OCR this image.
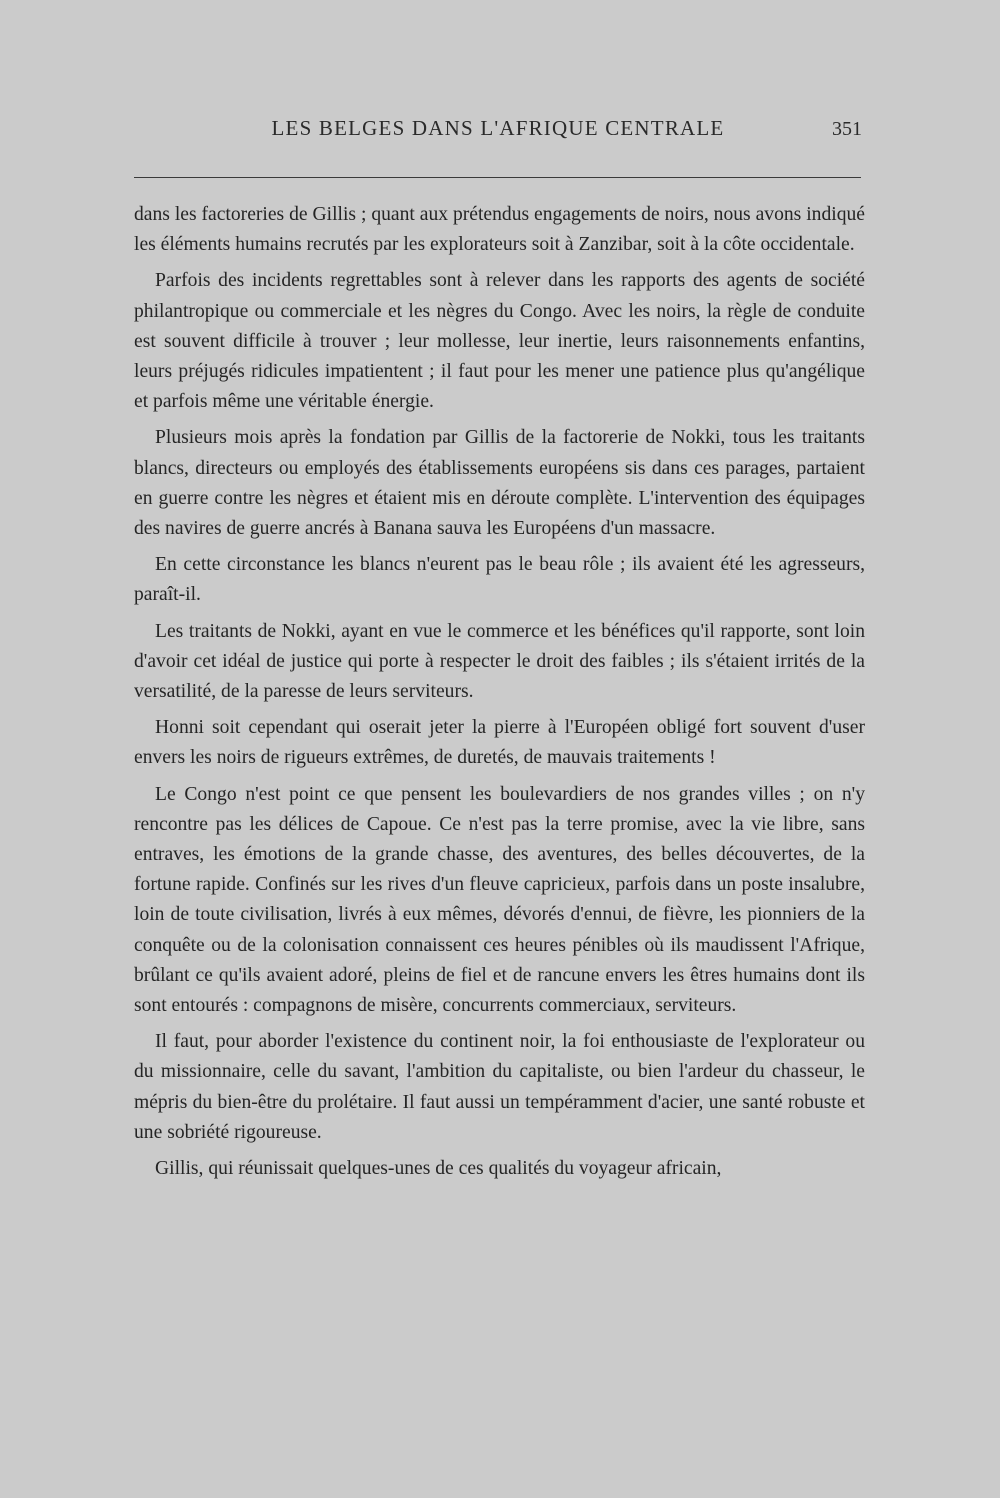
LES BELGES DANS L'AFRIQUE CENTRALE	351

dans les factoreries de Gillis ; quant aux prétendus engagements de noirs, nous avons indiqué les éléments humains recrutés par les explorateurs soit à Zanzibar, soit à la côte occidentale.

Parfois des incidents regrettables sont à relever dans les rapports des agents de société philantropique ou commerciale et les nègres du Congo. Avec les noirs, la règle de conduite est souvent difficile à trouver ; leur mollesse, leur inertie, leurs raisonnements enfantins, leurs préjugés ridicules impatientent ; il faut pour les mener une patience plus qu'angélique et parfois même une véritable énergie.

Plusieurs mois après la fondation par Gillis de la factorerie de Nokki, tous les traitants blancs, directeurs ou employés des établissements européens sis dans ces parages, partaient en guerre contre les nègres et étaient mis en déroute complète. L'intervention des équipages des navires de guerre ancrés à Banana sauva les Européens d'un massacre.

En cette circonstance les blancs n'eurent pas le beau rôle ; ils avaient été les agresseurs, paraît-il.

Les traitants de Nokki, ayant en vue le commerce et les bénéfices qu'il rapporte, sont loin d'avoir cet idéal de justice qui porte à respecter le droit des faibles ; ils s'étaient irrités de la versatilité, de la paresse de leurs serviteurs.

Honni soit cependant qui oserait jeter la pierre à l'Européen obligé fort souvent d'user envers les noirs de rigueurs extrêmes, de duretés, de mauvais traitements !

Le Congo n'est point ce que pensent les boulevardiers de nos grandes villes ; on n'y rencontre pas les délices de Capoue. Ce n'est pas la terre promise, avec la vie libre, sans entraves, les émotions de la grande chasse, des aventures, des belles découvertes, de la fortune rapide. Confinés sur les rives d'un fleuve capricieux, parfois dans un poste insalubre, loin de toute civilisation, livrés à eux mêmes, dévorés d'ennui, de fièvre, les pionniers de la conquête ou de la colonisation connaissent ces heures pénibles où ils maudissent l'Afrique, brûlant ce qu'ils avaient adoré, pleins de fiel et de rancune envers les êtres humains dont ils sont entourés : compagnons de misère, concurrents commerciaux, serviteurs.

Il faut, pour aborder l'existence du continent noir, la foi enthousiaste de l'explorateur ou du missionnaire, celle du savant, l'ambition du capitaliste, ou bien l'ardeur du chasseur, le mépris du bien-être du prolétaire. Il faut aussi un tempéramment d'acier, une santé robuste et une sobriété rigoureuse.

Gillis, qui réunissait quelques-unes de ces qualités du voyageur africain,
